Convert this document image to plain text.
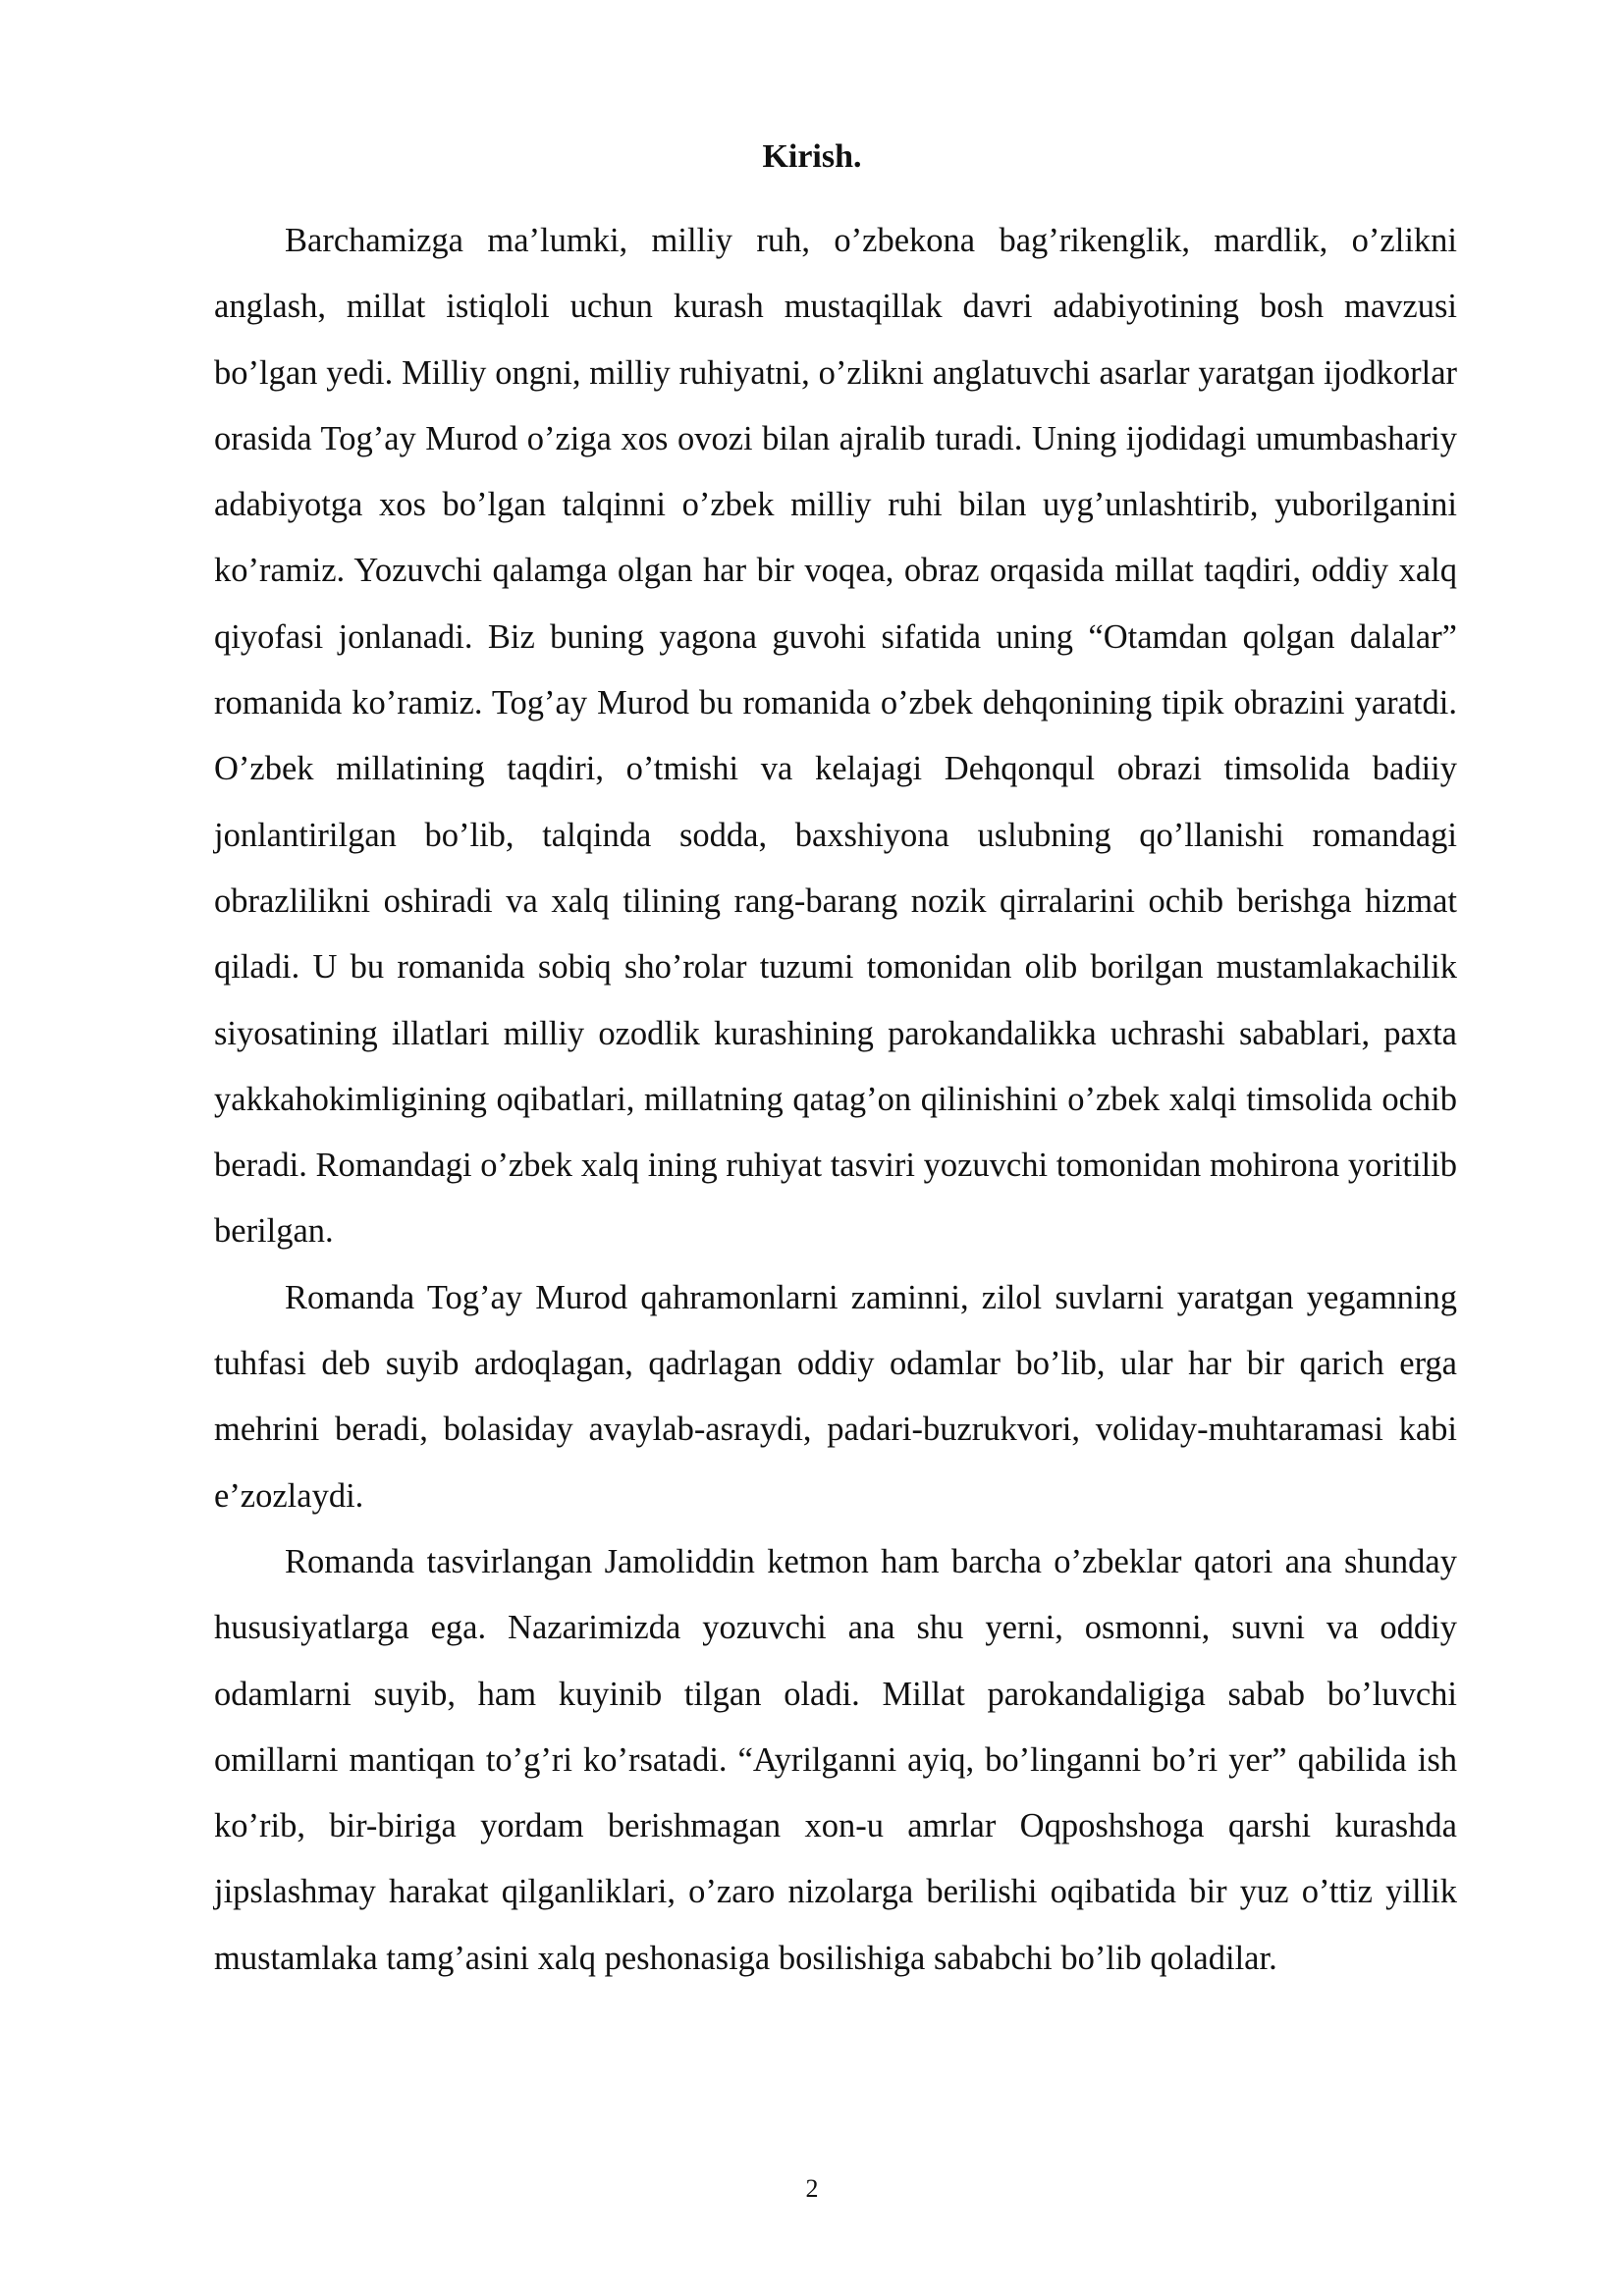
Kirish.

Barchamizga ma’lumki, milliy ruh, o’zbekona bag’rikenglik, mardlik, o’zlikni anglash, millat istiqloli uchun kurash mustaqillak davri adabiyotining bosh mavzusi bo’lgan yedi. Milliy ongni, milliy ruhiyatni, o’zlikni anglatuvchi asarlar yaratgan ijodkorlar orasida Tog’ay Murod o’ziga xos ovozi bilan ajralib turadi. Uning ijodidagi umumbashariy adabiyotga xos bo’lgan talqinni o’zbek milliy ruhi bilan uyg’unlashtirib, yuborilganini ko’ramiz. Yozuvchi qalamga olgan har bir voqea, obraz orqasida millat taqdiri, oddiy xalq qiyofasi jonlanadi. Biz buning yagona guvohi sifatida uning “Otamdan qolgan dalalar” romanida ko’ramiz. Tog’ay Murod bu romanida o’zbek dehqonining tipik obrazini yaratdi. O’zbek millatining taqdiri, o’tmishi va kelajagi Dehqonqul obrazi timsolida badiiy jonlantirilgan bo’lib, talqinda sodda, baxshiyona uslubning qo’llanishi romandagi obrazlilikni oshiradi va xalq tilining rang-barang nozik qirralarini ochib berishga hizmat qiladi. U bu romanida sobiq sho’rolar tuzumi tomonidan olib borilgan mustamlakachilik siyosatining illatlari milliy ozodlik kurashining parokandalikka uchrashi sabablari, paxta yakkahokimligining oqibatlari, millatning qatag’on qilinishini o’zbek xalqi timsolida ochib beradi. Romandagi o’zbek xalq ining ruhiyat tasviri yozuvchi tomonidan mohirona yoritilib berilgan.

Romanda Tog’ay Murod qahramonlarni zaminni, zilol suvlarni yaratgan yegamning tuhfasi deb suyib ardoqlagan, qadrlagan oddiy odamlar bo’lib, ular har bir qarich erga mehrini beradi, bolasiday avaylab-asraydi, padari-buzrukvori, voliday-muhtaramasi kabi e’zozlaydi.

Romanda tasvirlangan Jamoliddin ketmon ham barcha o’zbeklar qatori ana shunday hususiyatlarga ega. Nazarimizda yozuvchi ana shu yerni, osmonni, suvni va oddiy odamlarni suyib, ham kuyinib tilgan oladi. Millat parokandaligiga sabab bo’luvchi omillarni mantiqan to’g’ri ko’rsatadi. “Ayrilganni ayiq, bo’linganni bo’ri yer” qabilida ish ko’rib, bir-biriga yordam berishmagan xon-u amrlar Oqposhshoga qarshi kurashda jipslashmay harakat qilganliklari, o’zaro nizolarga berilishi oqibatida bir yuz o’ttiz yillik mustamlaka tamg’asini xalq peshonasiga bosilishiga sababchi bo’lib qoladilar.

2
